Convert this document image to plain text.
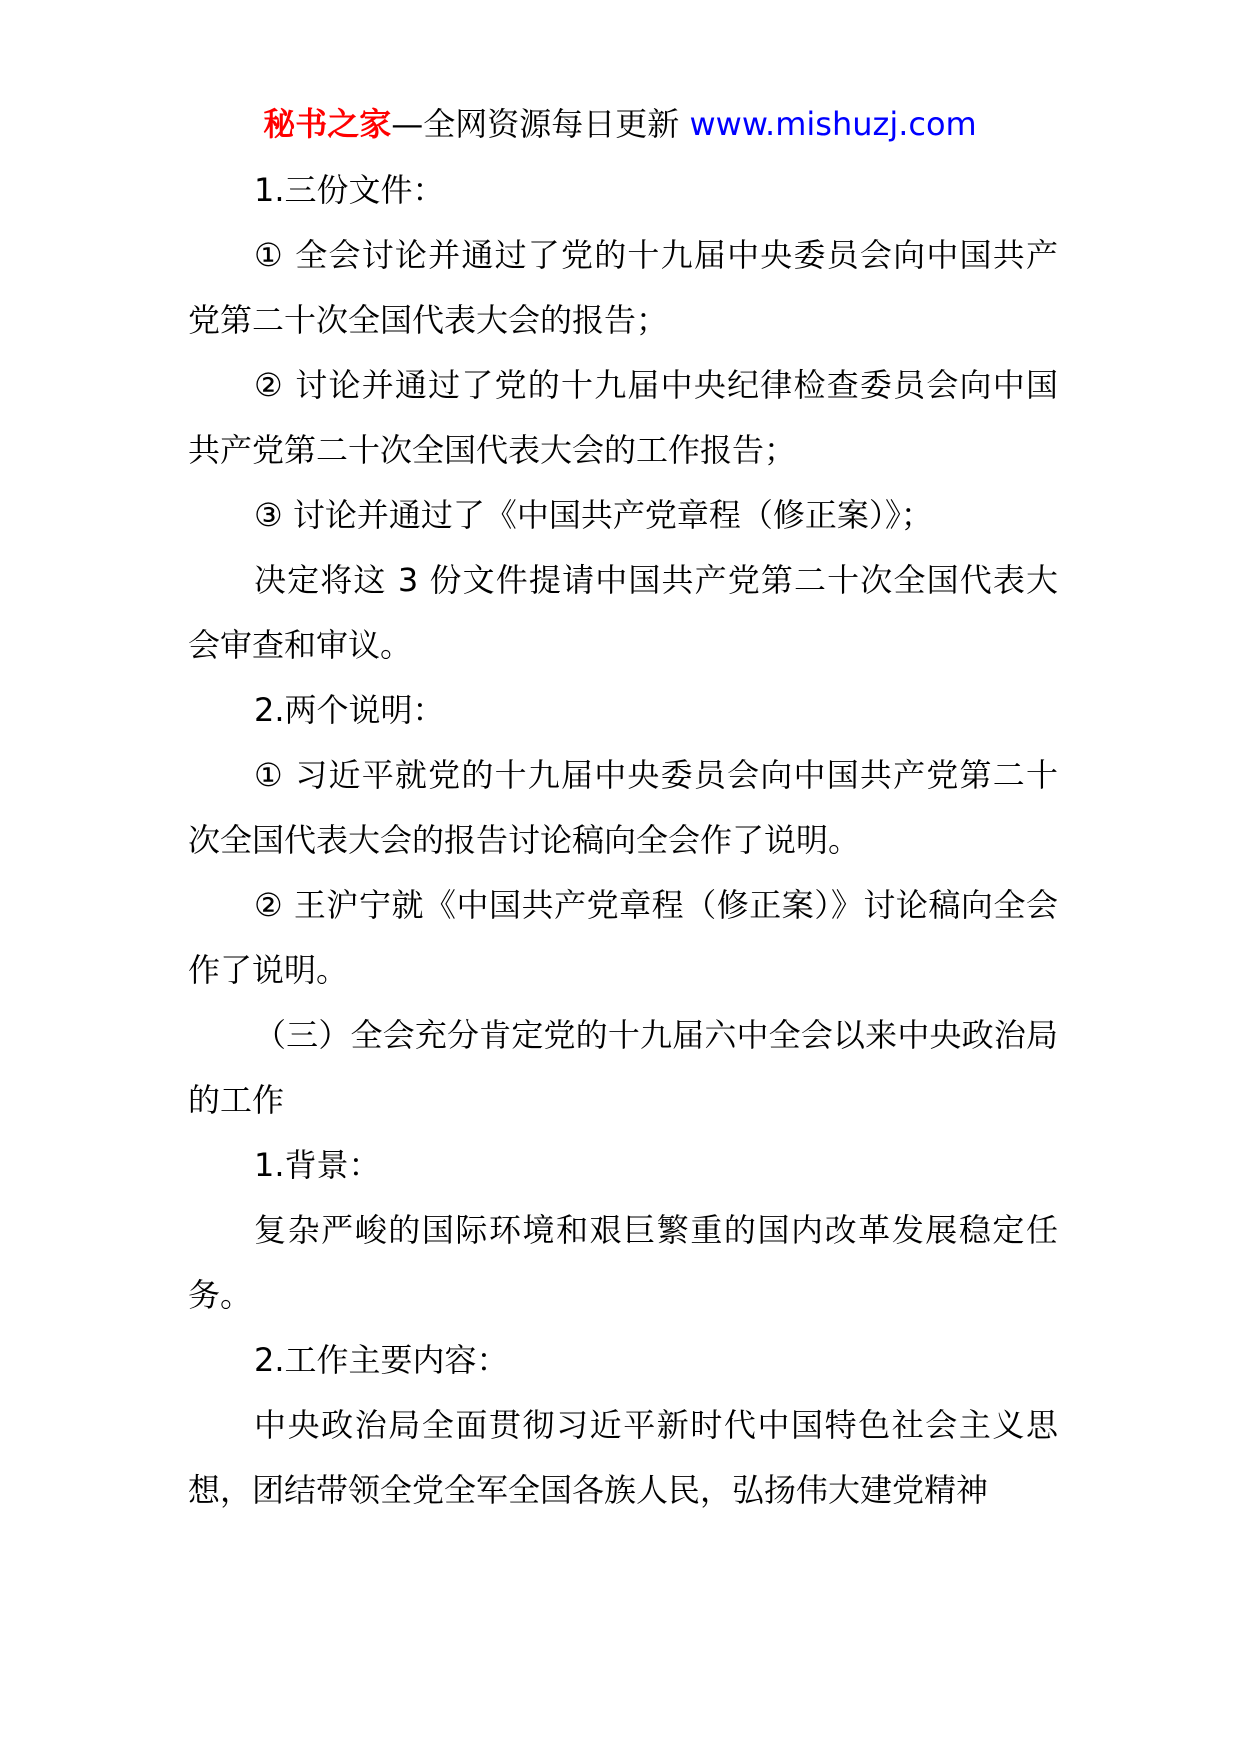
秘书之家—全网资源每日更新 www.mishuzj.com

1.三份文件：

① 全会讨论并通过了党的十九届中央委员会向中国共产党第二十次全国代表大会的报告；

② 讨论并通过了党的十九届中央纪律检查委员会向中国共产党第二十次全国代表大会的工作报告；

③ 讨论并通过了《中国共产党章程（修正案）》；

决定将这 3 份文件提请中国共产党第二十次全国代表大会审查和审议。

2.两个说明：

① 习近平就党的十九届中央委员会向中国共产党第二十次全国代表大会的报告讨论稿向全会作了说明。

② 王沪宁就《中国共产党章程（修正案）》讨论稿向全会作了说明。

（三）全会充分肯定党的十九届六中全会以来中央政治局的工作

1.背景：

复杂严峻的国际环境和艰巨繁重的国内改革发展稳定任务。

2.工作主要内容：

中央政治局全面贯彻习近平新时代中国特色社会主义思想，团结带领全党全军全国各族人民，弘扬伟大建党精神
